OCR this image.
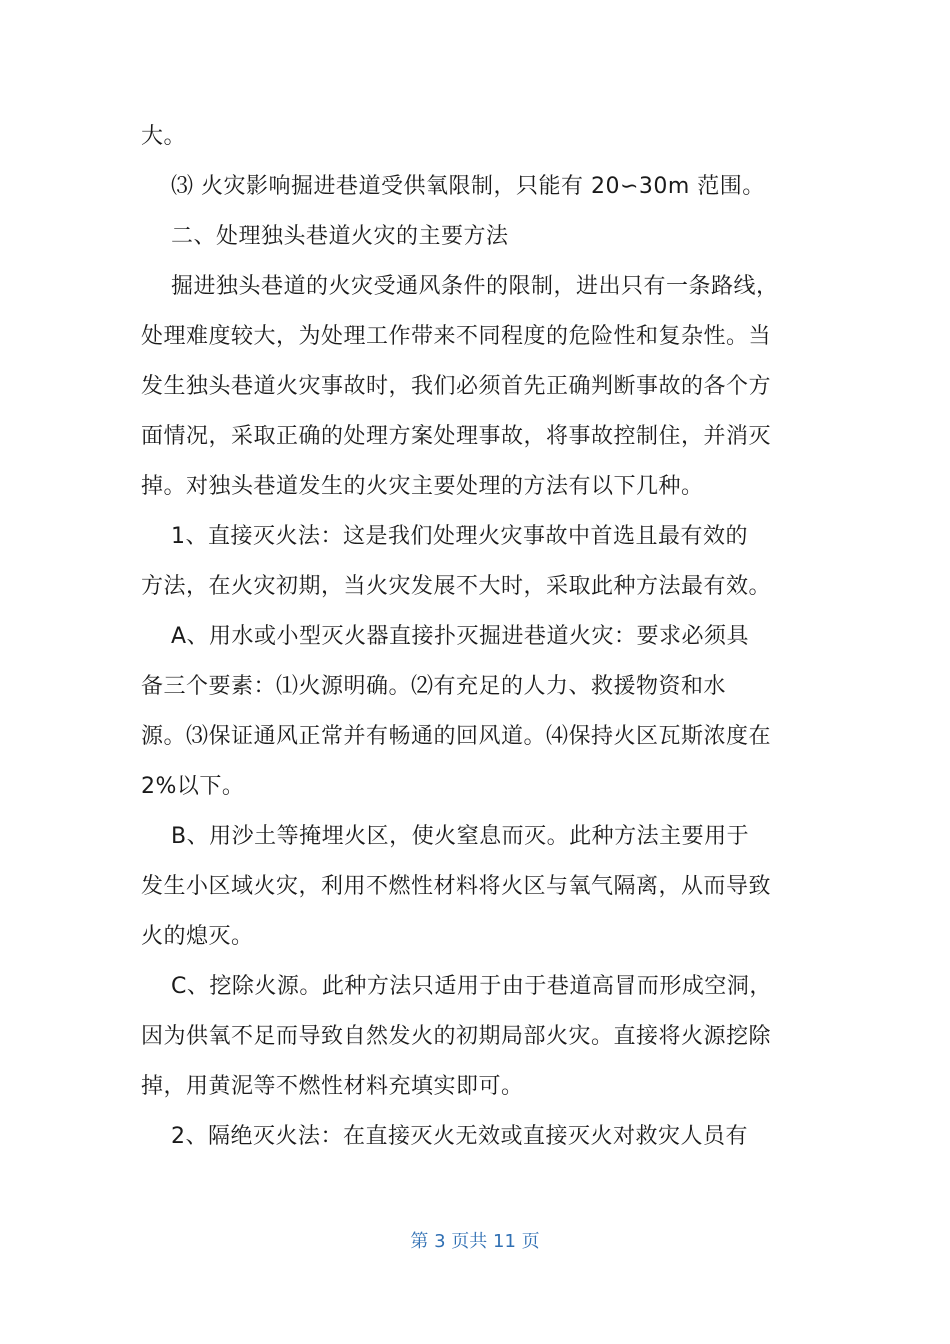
大。
⑶ 火灾影响掘进巷道受供氧限制，只能有 20∽30m 范围。
二、处理独头巷道火灾的主要方法
掘进独头巷道的火灾受通风条件的限制，进出只有一条路线，
处理难度较大，为处理工作带来不同程度的危险性和复杂性。当
发生独头巷道火灾事故时，我们必须首先正确判断事故的各个方
面情况，采取正确的处理方案处理事故，将事故控制住，并消灭
掉。对独头巷道发生的火灾主要处理的方法有以下几种。
1、直接灭火法：这是我们处理火灾事故中首选且最有效的
方法，在火灾初期，当火灾发展不大时，采取此种方法最有效。
A、用水或小型灭火器直接扑灭掘进巷道火灾：要求必须具
备三个要素：⑴火源明确。⑵有充足的人力、救援物资和水
源。⑶保证通风正常并有畅通的回风道。⑷保持火区瓦斯浓度在
2%以下。
B、用沙土等掩埋火区，使火窒息而灭。此种方法主要用于
发生小区域火灾，利用不燃性材料将火区与氧气隔离，从而导致
火的熄灭。
C、挖除火源。此种方法只适用于由于巷道高冒而形成空洞，
因为供氧不足而导致自然发火的初期局部火灾。直接将火源挖除
掉，用黄泥等不燃性材料充填实即可。
2、隔绝灭火法：在直接灭火无效或直接灭火对救灾人员有
第 3 页共 11 页
